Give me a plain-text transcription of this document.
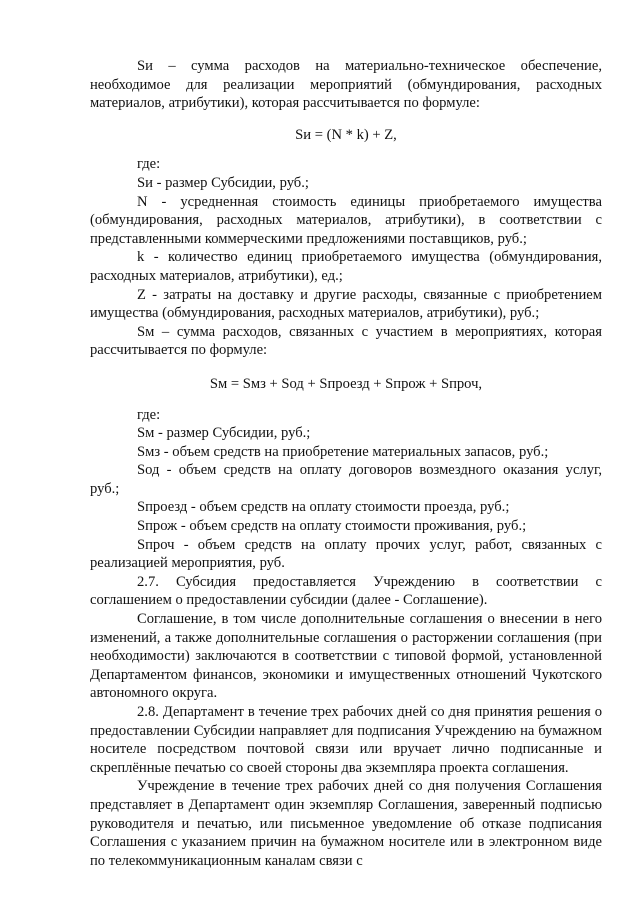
Sи – сумма расходов на материально-техническое обеспечение, необходимое для реализации мероприятий (обмундирования, расходных материалов, атрибутики), которая рассчитывается по формуле:

Sи = (N * k) + Z,

где:

Sи - размер Субсидии, руб.;

N - усредненная стоимость единицы приобретаемого имущества (обмундирования, расходных материалов, атрибутики), в соответствии с представленными коммерческими предложениями поставщиков, руб.;

k - количество единиц приобретаемого имущества (обмундирования, расходных материалов, атрибутики), ед.;

Z - затраты на доставку и другие расходы, связанные с приобретением имущества (обмундирования, расходных материалов, атрибутики), руб.;

Sм – сумма расходов, связанных с участием в мероприятиях, которая рассчитывается по формуле:

Sм = Sмз + Sод + Sпроезд + Sпрож + Sпроч,

где:

Sм - размер Субсидии, руб.;

Sмз - объем средств на приобретение материальных запасов, руб.;

Sод - объем средств на оплату договоров возмездного оказания услуг, руб.;

Sпроезд - объем средств на оплату стоимости проезда, руб.;

Sпрож - объем средств на оплату стоимости проживания, руб.;

Sпроч - объем средств на оплату прочих услуг, работ, связанных с реализацией мероприятия, руб.

2.7. Субсидия предоставляется Учреждению в соответствии с соглашением о предоставлении субсидии (далее - Соглашение).

Соглашение, в том числе дополнительные соглашения о внесении в него изменений, а также дополнительные соглашения о расторжении соглашения (при необходимости) заключаются в соответствии с типовой формой, установленной Департаментом финансов, экономики и имущественных отношений Чукотского автономного округа.

2.8. Департамент в течение трех рабочих дней со дня принятия решения о предоставлении Субсидии направляет для подписания Учреждению на бумажном носителе посредством почтовой связи или вручает лично подписанные и скреплённые печатью со своей стороны два экземпляра проекта соглашения.

Учреждение в течение трех рабочих дней со дня получения Соглашения представляет в Департамент один экземпляр Соглашения, заверенный подписью руководителя и печатью, или письменное уведомление об отказе подписания Соглашения с указанием причин на бумажном носителе или в электронном виде по телекоммуникационным каналам связи с
